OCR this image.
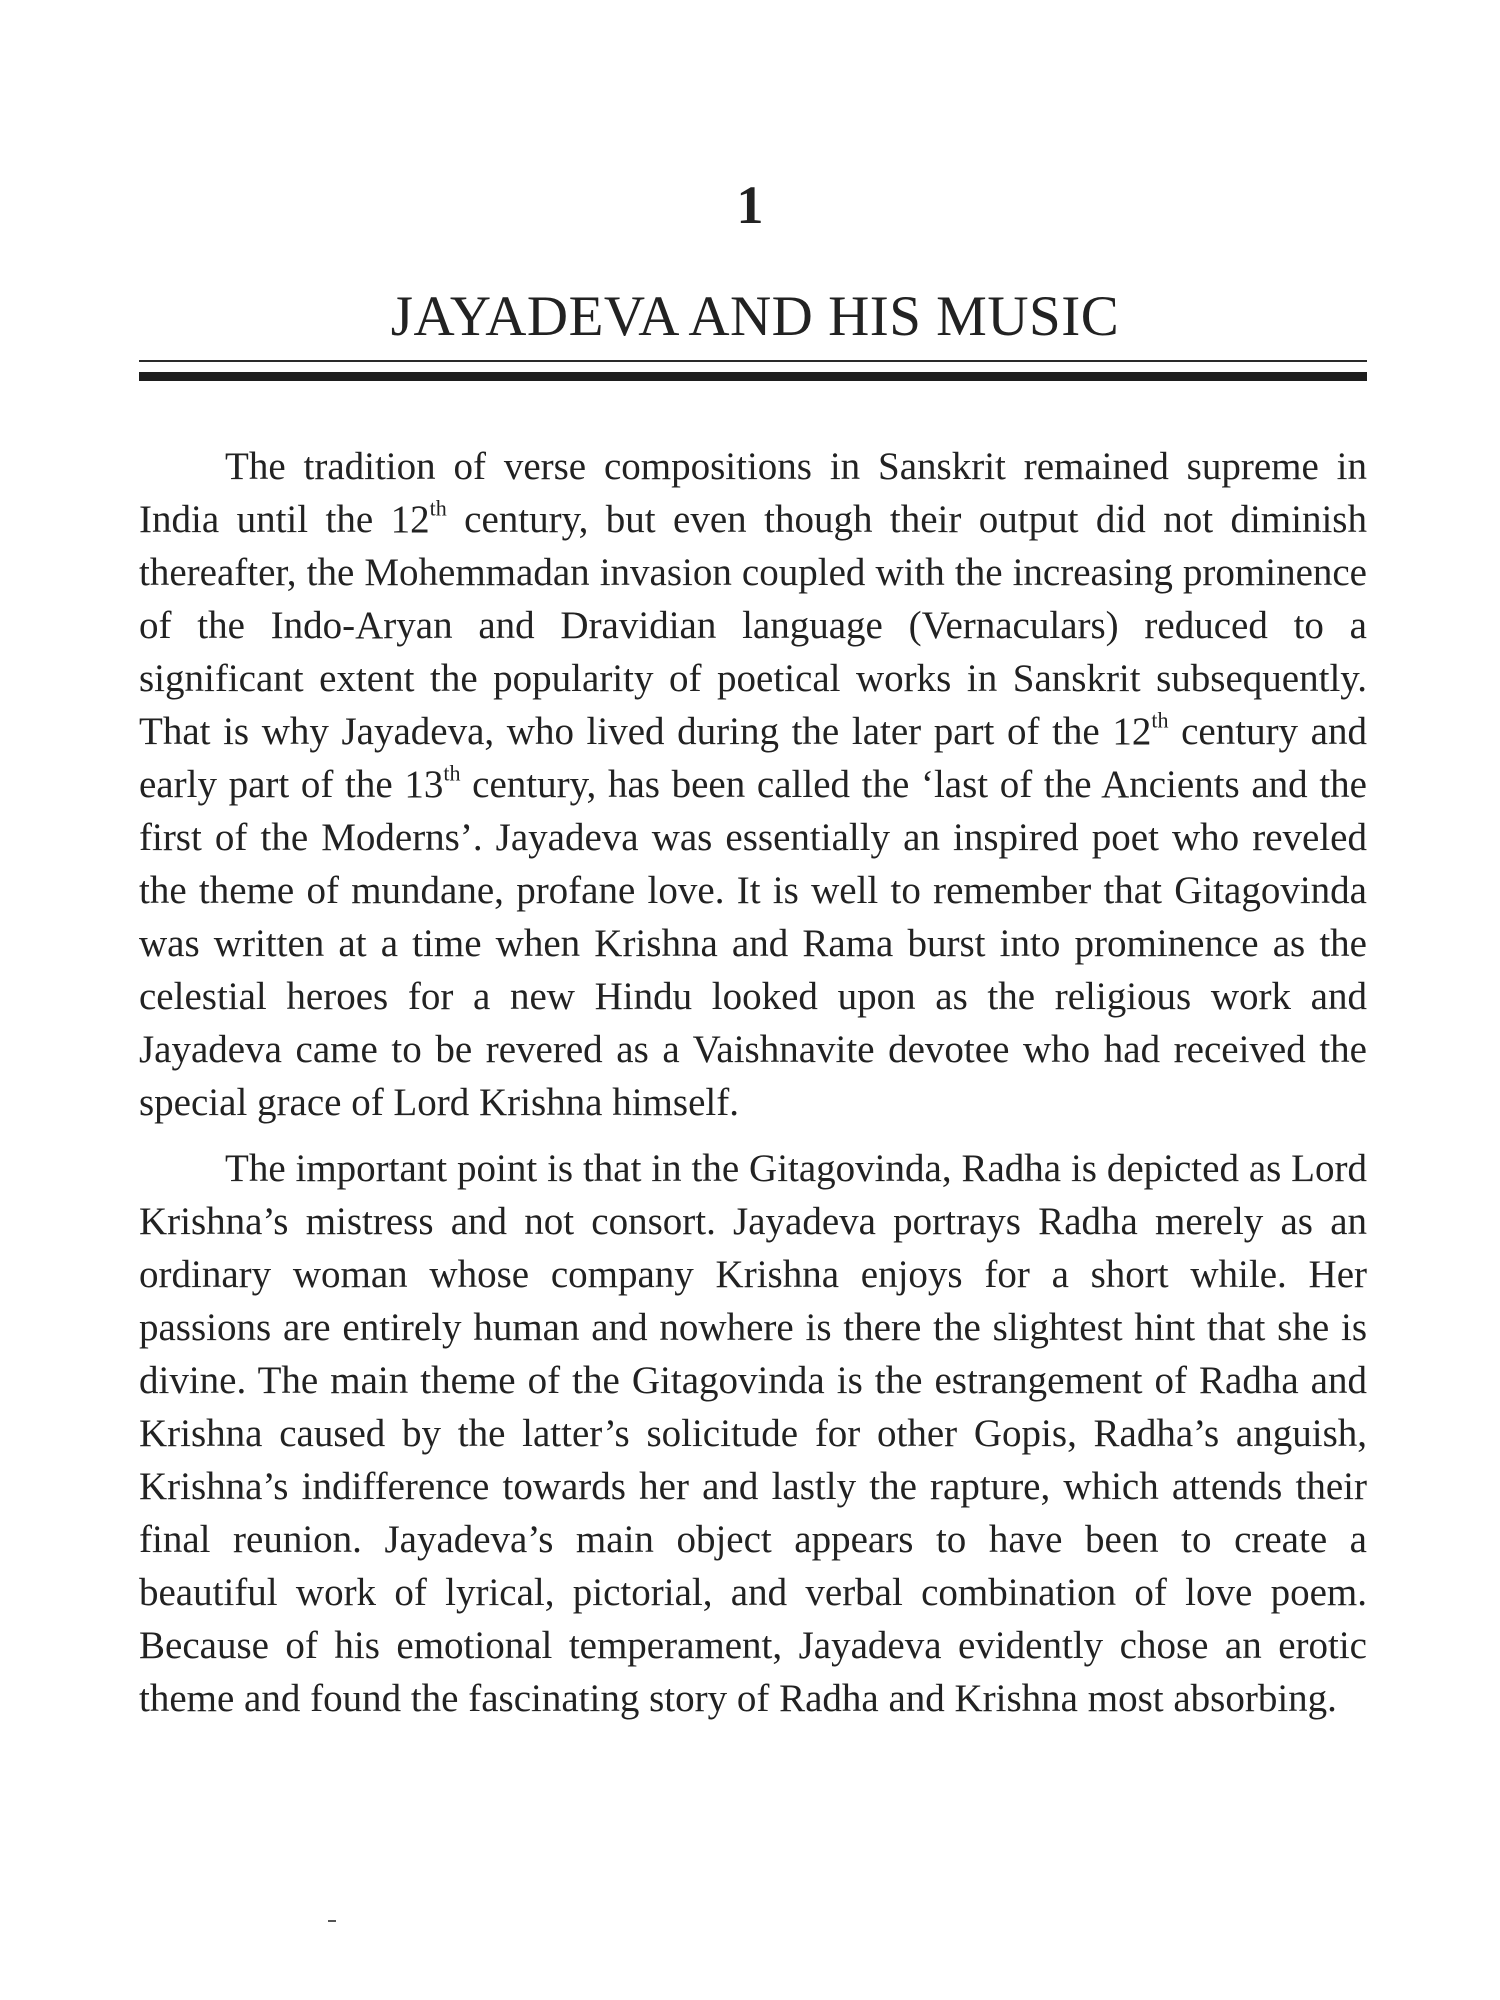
1
JAYADEVA AND HIS MUSIC

The tradition of verse compositions in Sanskrit remained supreme in India until the 12th century, but even though their output did not diminish thereafter, the Mohemmadan invasion coupled with the increasing prominence of the Indo-Aryan and Dravidian language (Vernaculars) reduced to a significant extent the popularity of poetical works in Sanskrit subsequently. That is why Jayadeva, who lived during the later part of the 12th century and early part of the 13th century, has been called the ‘last of the Ancients and the first of the Moderns’. Jayadeva was essentially an inspired poet who reveled the theme of mundane, profane love. It is well to remember that Gitagovinda was written at a time when Krishna and Rama burst into prominence as the celestial heroes for a new Hindu looked upon as the religious work and Jayadeva came to be revered as a Vaishnavite devotee who had received the special grace of Lord Krishna himself.

The important point is that in the Gitagovinda, Radha is depicted as Lord Krishna’s mistress and not consort. Jayadeva portrays Radha merely as an ordinary woman whose company Krishna enjoys for a short while. Her passions are entirely human and nowhere is there the slightest hint that she is divine. The main theme of the Gitagovinda is the estrangement of Radha and Krishna caused by the latter’s solicitude for other Gopis, Radha’s anguish, Krishna’s indifference towards her and lastly the rapture, which attends their final reunion. Jayadeva’s main object appears to have been to create a beautiful work of lyrical, pictorial, and verbal combination of love poem. Because of his emotional temperament, Jayadeva evidently chose an erotic theme and found the fascinating story of Radha and Krishna most absorbing.
